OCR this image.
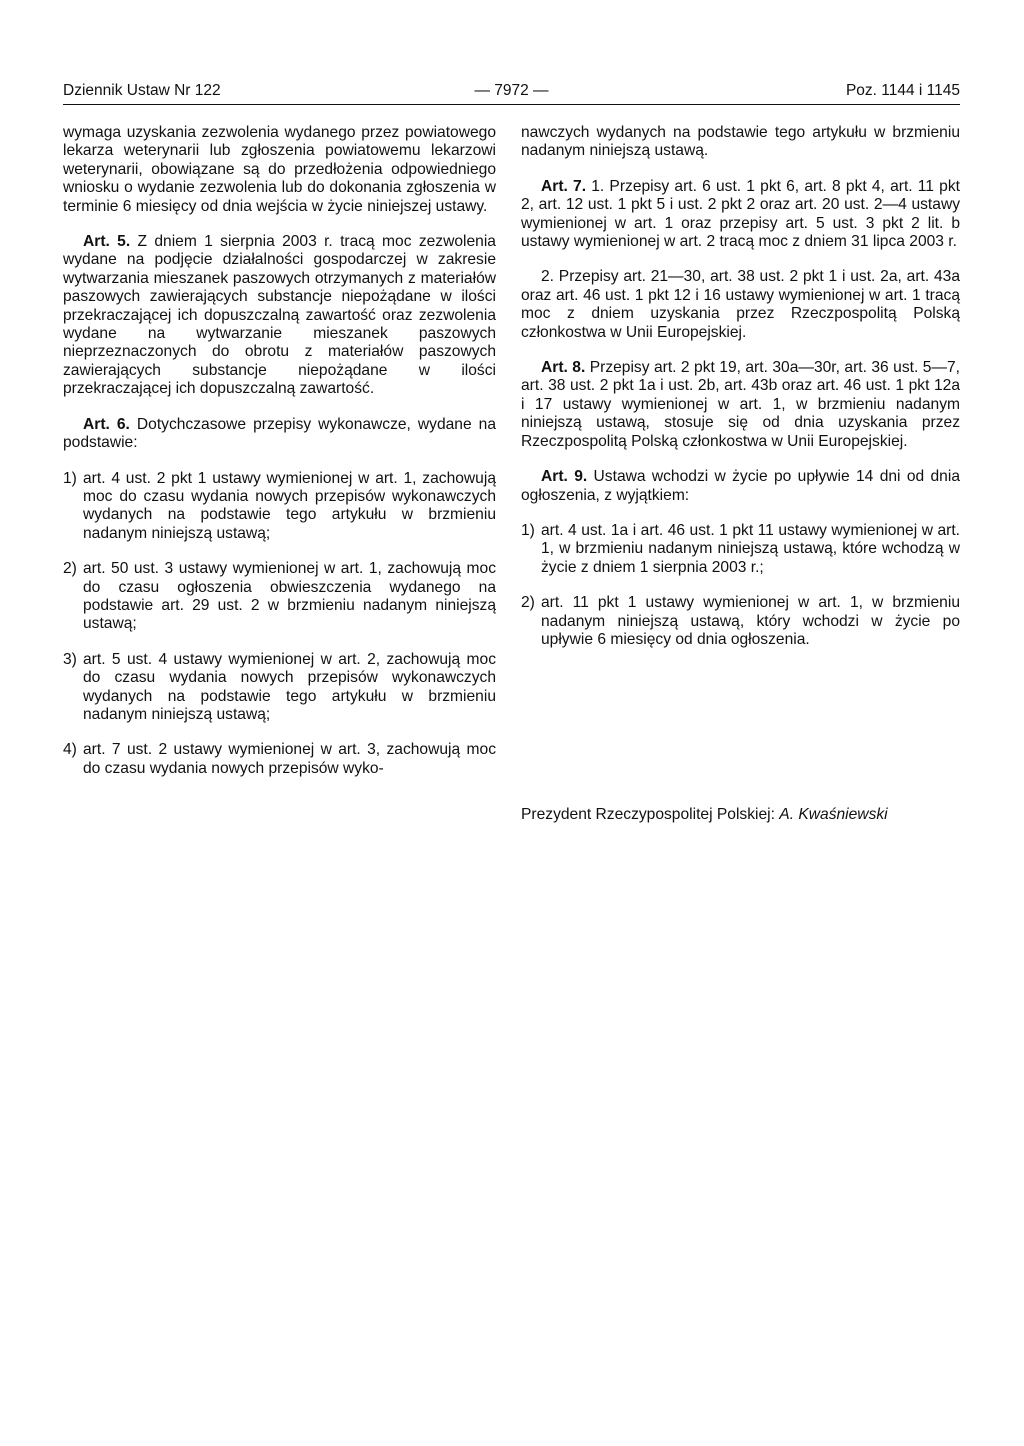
Dziennik Ustaw Nr 122	— 7972 —	Poz. 1144 i 1145

wymaga uzyskania zezwolenia wydanego przez powiatowego lekarza weterynarii lub zgłoszenia powiatowemu lekarzowi weterynarii, obowiązane są do przedłożenia odpowiedniego wniosku o wydanie zezwolenia lub do dokonania zgłoszenia w terminie 6 miesięcy od dnia wejścia w życie niniejszej ustawy.

Art. 5. Z dniem 1 sierpnia 2003 r. tracą moc zezwolenia wydane na podjęcie działalności gospodarczej w zakresie wytwarzania mieszanek paszowych otrzymanych z materiałów paszowych zawierających substancje niepożądane w ilości przekraczającej ich dopuszczalną zawartość oraz zezwolenia wydane na wytwarzanie mieszanek paszowych nieprzeznaczonych do obrotu z materiałów paszowych zawierających substancje niepożądane w ilości przekraczającej ich dopuszczalną zawartość.

Art. 6. Dotychczasowe przepisy wykonawcze, wydane na podstawie:

1) art. 4 ust. 2 pkt 1 ustawy wymienionej w art. 1, zachowują moc do czasu wydania nowych przepisów wykonawczych wydanych na podstawie tego artykułu w brzmieniu nadanym niniejszą ustawą;

2) art. 50 ust. 3 ustawy wymienionej w art. 1, zachowują moc do czasu ogłoszenia obwieszczenia wydanego na podstawie art. 29 ust. 2 w brzmieniu nadanym niniejszą ustawą;

3) art. 5 ust. 4 ustawy wymienionej w art. 2, zachowują moc do czasu wydania nowych przepisów wykonawczych wydanych na podstawie tego artykułu w brzmieniu nadanym niniejszą ustawą;

4) art. 7 ust. 2 ustawy wymienionej w art. 3, zachowują moc do czasu wydania nowych przepisów wyko-

nawczych wydanych na podstawie tego artykułu w brzmieniu nadanym niniejszą ustawą.

Art. 7. 1. Przepisy art. 6 ust. 1 pkt 6, art. 8 pkt 4, art. 11 pkt 2, art. 12 ust. 1 pkt 5 i ust. 2 pkt 2 oraz art. 20 ust. 2—4 ustawy wymienionej w art. 1 oraz przepisy art. 5 ust. 3 pkt 2 lit. b ustawy wymienionej w art. 2 tracą moc z dniem 31 lipca 2003 r.

2. Przepisy art. 21—30, art. 38 ust. 2 pkt 1 i ust. 2a, art. 43a oraz art. 46 ust. 1 pkt 12 i 16 ustawy wymienionej w art. 1 tracą moc z dniem uzyskania przez Rzeczpospolitą Polską członkostwa w Unii Europejskiej.

Art. 8. Przepisy art. 2 pkt 19, art. 30a—30r, art. 36 ust. 5—7, art. 38 ust. 2 pkt 1a i ust. 2b, art. 43b oraz art. 46 ust. 1 pkt 12a i 17 ustawy wymienionej w art. 1, w brzmieniu nadanym niniejszą ustawą, stosuje się od dnia uzyskania przez Rzeczpospolitą Polską członkostwa w Unii Europejskiej.

Art. 9. Ustawa wchodzi w życie po upływie 14 dni od dnia ogłoszenia, z wyjątkiem:

1) art. 4 ust. 1a i art. 46 ust. 1 pkt 11 ustawy wymienionej w art. 1, w brzmieniu nadanym niniejszą ustawą, które wchodzą w życie z dniem 1 sierpnia 2003 r.;

2) art. 11 pkt 1 ustawy wymienionej w art. 1, w brzmieniu nadanym niniejszą ustawą, który wchodzi w życie po upływie 6 miesięcy od dnia ogłoszenia.

Prezydent Rzeczypospolitej Polskiej: A. Kwaśniewski
